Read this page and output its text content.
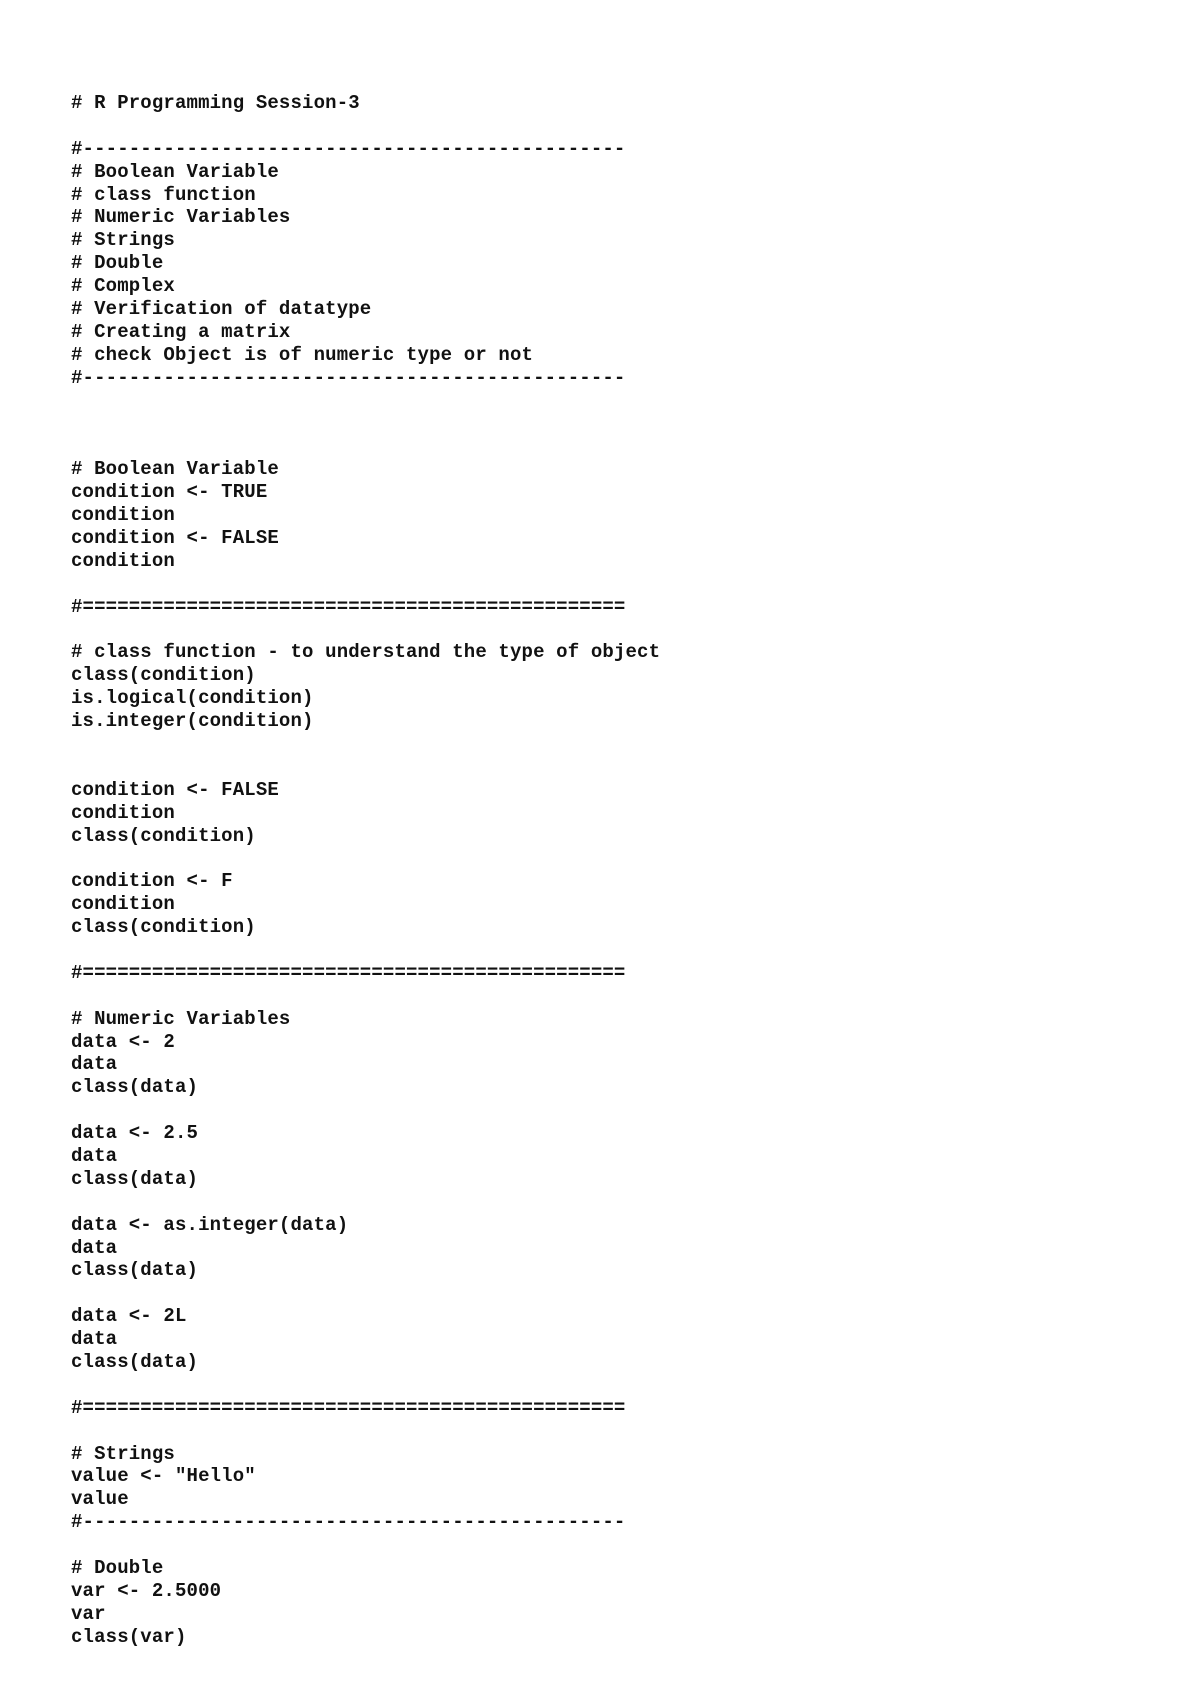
# R Programming Session-3
#-----------------------------------------------
# Boolean Variable
# class function
# Numeric Variables
# Strings
# Double
# Complex
# Verification of datatype
# Creating a matrix
# check Object is of numeric type or not
#-----------------------------------------------
# Boolean Variable
condition <- TRUE
condition
condition <- FALSE
condition
#===============================================
# class function - to understand the type of object
class(condition)
is.logical(condition)
is.integer(condition)
condition <- FALSE
condition
class(condition)
condition <- F
condition
class(condition)
#===============================================
# Numeric Variables
data <- 2
data
class(data)
data <- 2.5
data
class(data)
data <- as.integer(data)
data
class(data)
data <- 2L
data
class(data)
#===============================================
# Strings
value <- "Hello"
value
#-----------------------------------------------
# Double
var <- 2.5000
var
class(var)
